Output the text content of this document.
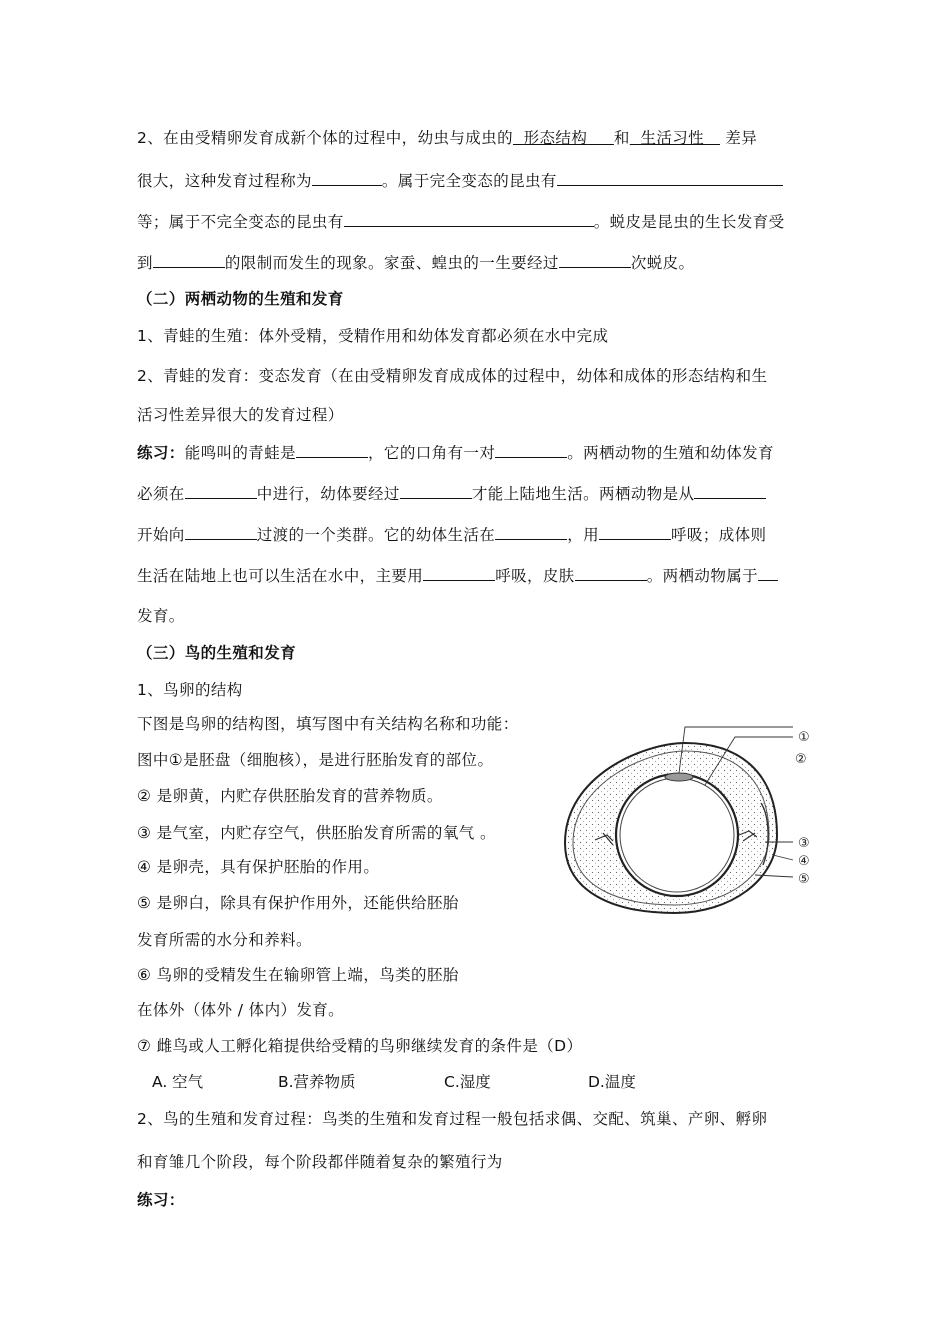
2、在由受精卵发育成新个体的过程中，幼虫与成虫的 形态结构 和 生活习性 差异
很大，这种发育过程称为	。属于完全变态的昆虫有
等；属于不完全变态的昆虫有	。蜕皮是昆虫的生长发育受
到	的限制而发生的现象。家蚕、蝗虫的一生要经过	次蜕皮。
（二）两栖动物的生殖和发育
1、青蛙的生殖：体外受精，受精作用和幼体发育都必须在水中完成
2、青蛙的发育：变态发育（在由受精卵发育成成体的过程中，幼体和成体的形态结构和生
活习性差异很大的发育过程）
练习：能鸣叫的青蛙是	，它的口角有一对	。两栖动物的生殖和幼体发育
必须在	中进行，幼体要经过	才能上陆地生活。两栖动物是从
开始向	过渡的一个类群。它的幼体生活在	，用	呼吸；成体则
生活在陆地上也可以生活在水中，主要用	呼吸，皮肤	。两栖动物属于
发育。
（三）鸟的生殖和发育
1、鸟卵的结构
下图是鸟卵的结构图，填写图中有关结构名称和功能：
图中①是胚盘（细胞核），是进行胚胎发育的部位。
② 是卵黄，内贮存供胚胎发育的营养物质。
③ 是气室，内贮存空气，供胚胎发育所需的氧气 。
④ 是卵壳，具有保护胚胎的作用。
⑤ 是卵白，除具有保护作用外，还能供给胚胎
发育所需的水分和养料。
⑥ 鸟卵的受精发生在输卵管上端，鸟类的胚胎
在体外（体外 / 体内）发育。
⑦ 雌鸟或人工孵化箱提供给受精的鸟卵继续发育的条件是（D）
A. 空气	B.营养物质	C.湿度	D.温度
2、鸟的生殖和发育过程：鸟类的生殖和发育过程一般包括求偶、交配、筑巢、产卵、孵卵
和育雏几个阶段，每个阶段都伴随着复杂的繁殖行为
练习：
①
②
③
④
⑤
